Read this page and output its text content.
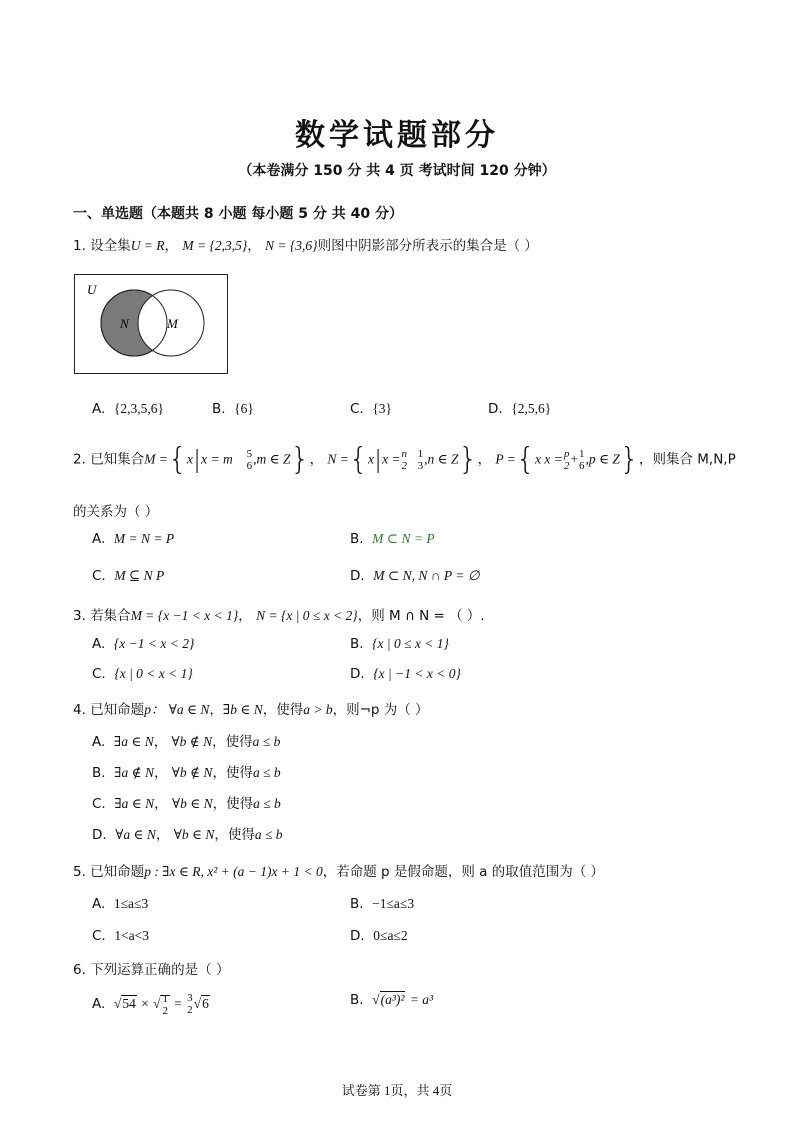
数学试题部分
（本卷满分 150 分 共 4 页 考试时间 120 分钟）
一、单选题（本题共 8 小题 每小题 5 分 共 40 分）
1. 设全集U = R， M = {2,3,5}， N = {3,6}则图中阴影部分所表示的集合是（ ）
U
N	M
A. {2,3,5,6}	B. {6}	C. {3}	D. {2,5,6}
2. 已知集合M ={x|x = m 5
6 ,m ∈ Z}， N ={x|x = n
2

1
3 ,n ∈ Z}， P ={x x = p
2 + 1
6 ,p ∈ Z}，则集合 M,N,P
的关系为（ ）
A. M = N = P	B. M ⊂ N = P
C. M ⊆ N P	D. M ⊂ N, N ∩ P = ∅
3. 若集合M = {x −1 < x < 1}， N = {x | 0 ≤ x < 2}，则 M ∩ N = （ ）.
A. {x −1 < x < 2}	B. {x | 0 ≤ x < 1}
C. {x | 0 < x < 1}	D. {x | −1 < x < 0}
4. 已知命题p： ∀a ∈ N，∃b ∈ N，使得a > b，则¬p 为（ ）
A. ∃a ∈ N， ∀b ∉ N，使得a ≤ b
B. ∃a ∉ N， ∀b ∉ N，使得a ≤ b
C. ∃a ∈ N， ∀b ∈ N，使得a ≤ b
D. ∀a ∈ N， ∀b ∈ N，使得a ≤ b
5. 已知命题p : ∃x ∈ R, x² + (a − 1)x + 1 < 0，若命题 p 是假命题，则 a 的取值范围为（ ）
A. 1≤a≤3	B. −1≤a≤3
C. 1<a<3	D. 0≤a≤2
6. 下列运算正确的是（ ）
A. √54 × √ 1
2 = 3
2 √6	B. √(a³)² = a³
试卷第 1页，共 4页
